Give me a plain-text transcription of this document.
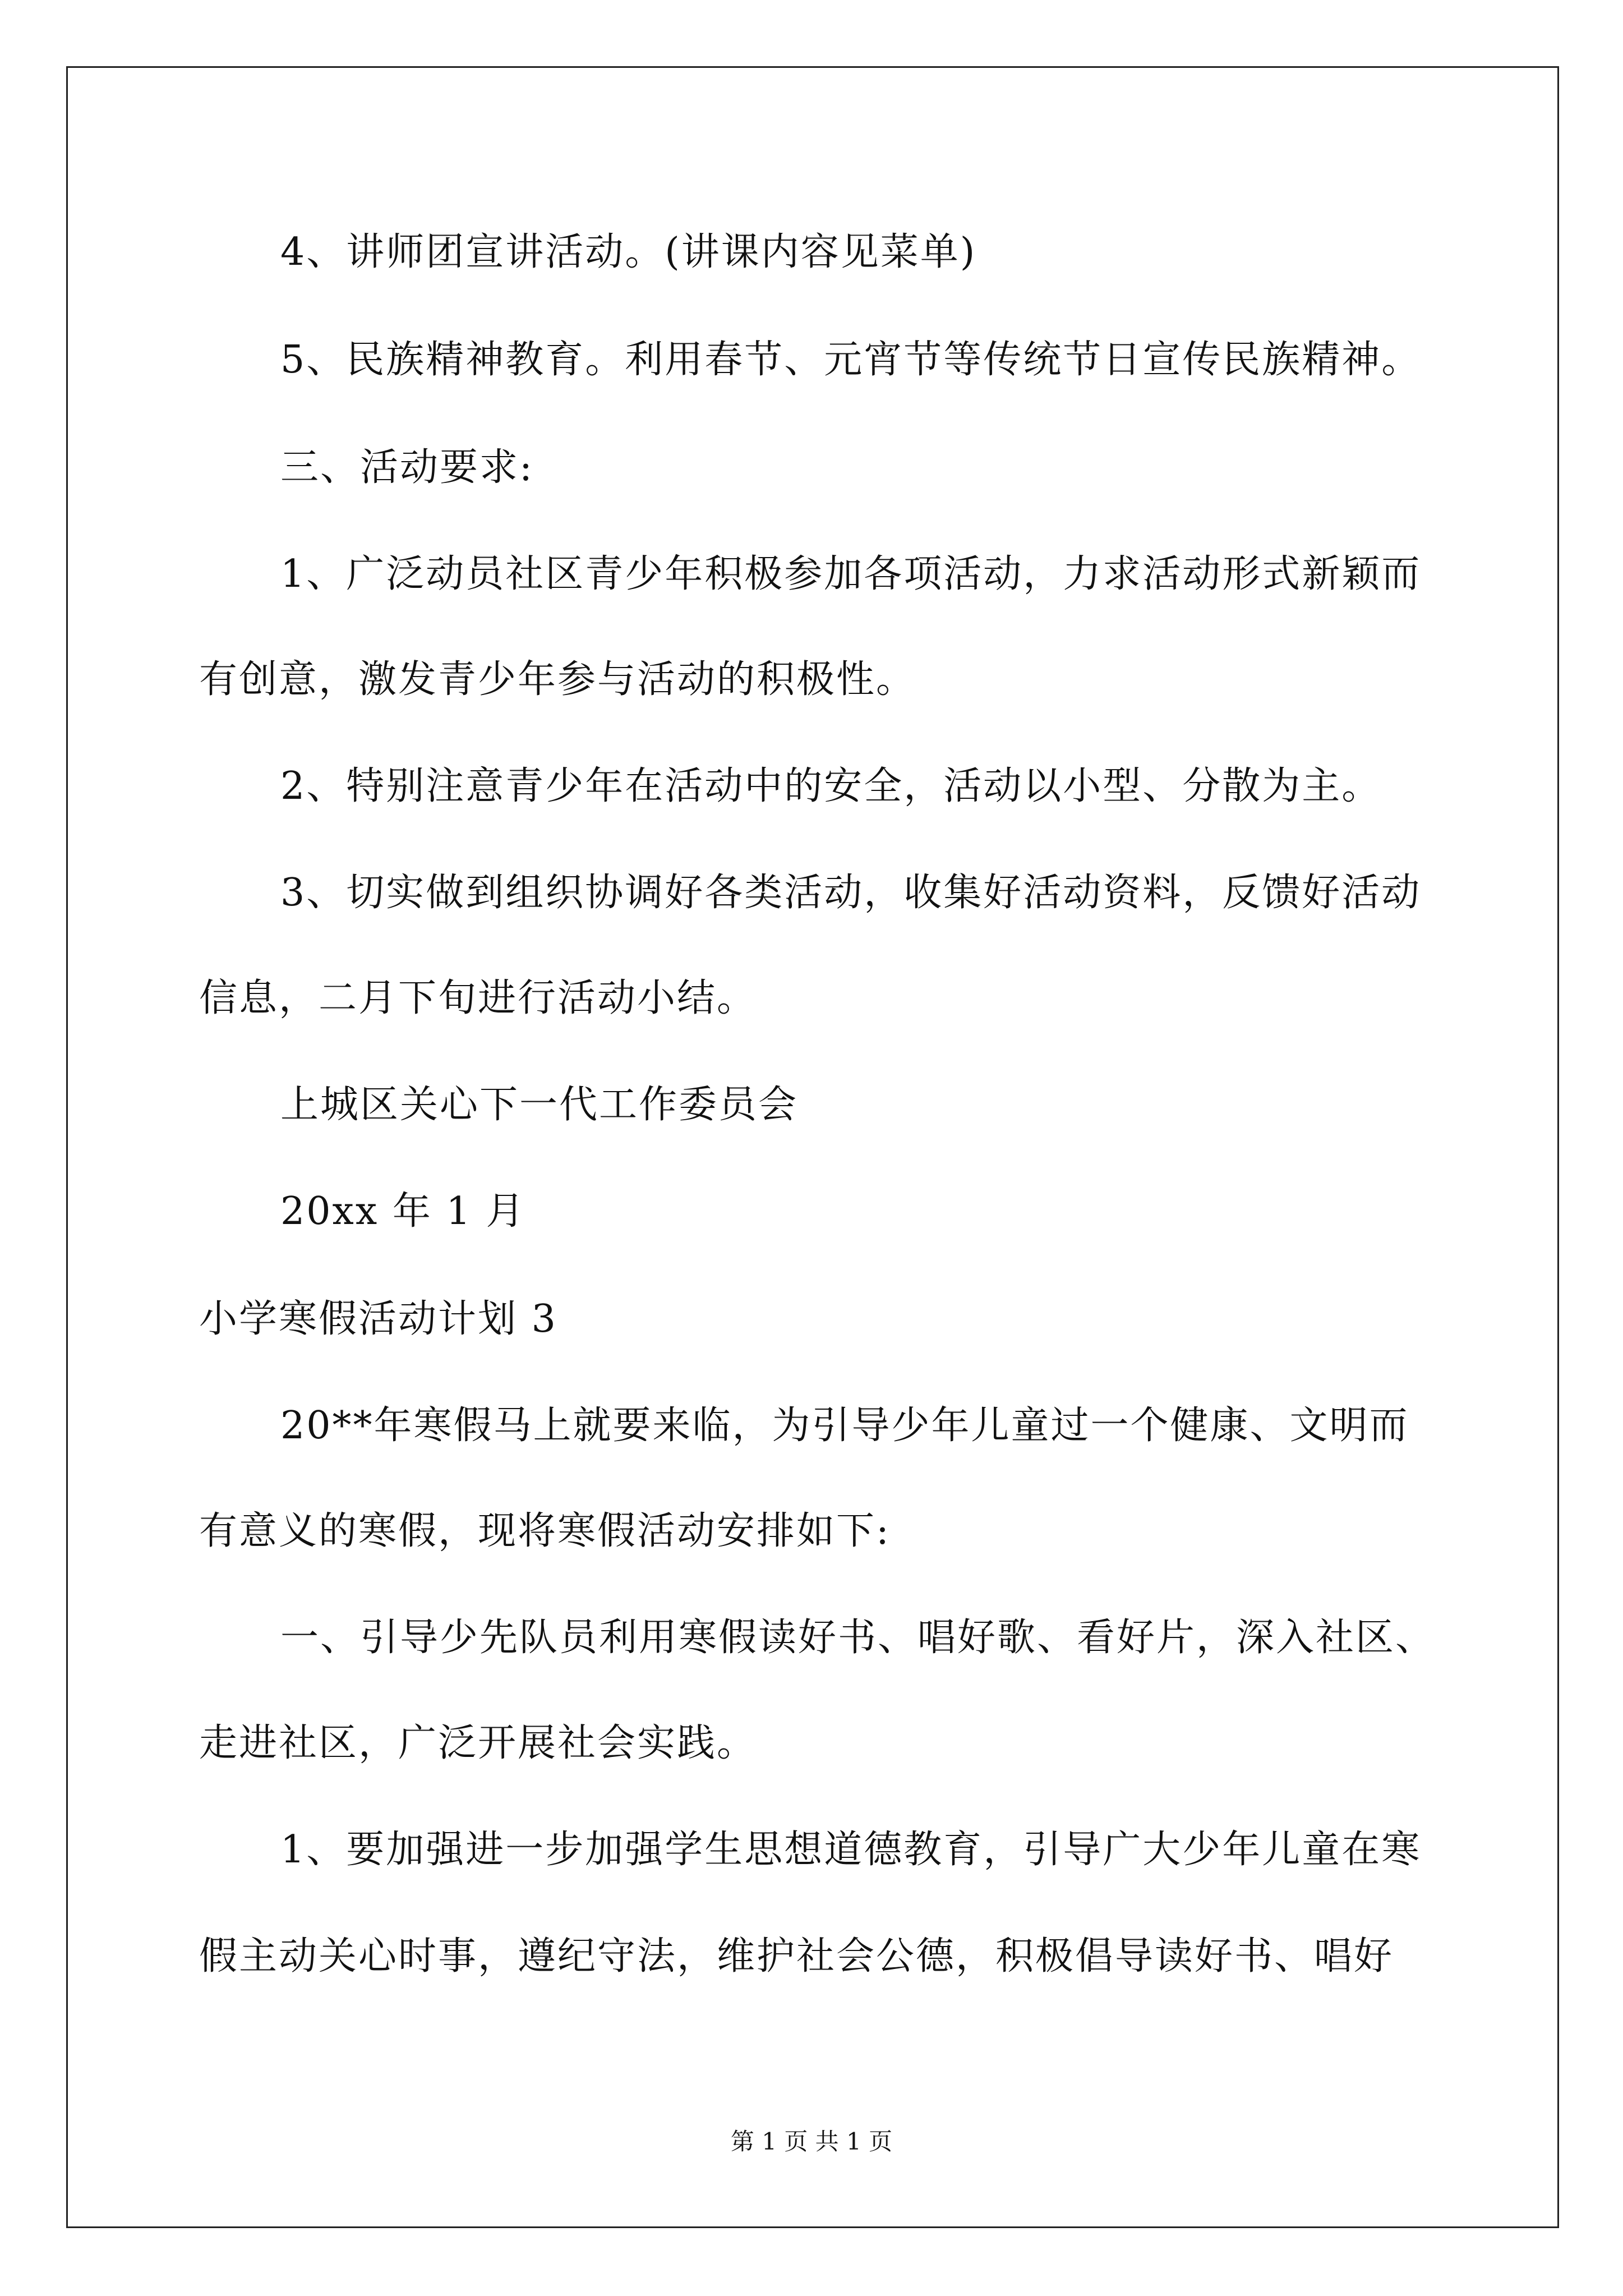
4、讲师团宣讲活动。(讲课内容见菜单)
5、民族精神教育。利用春节、元宵节等传统节日宣传民族精神。
三、活动要求:
1、广泛动员社区青少年积极参加各项活动，力求活动形式新颖而
有创意，激发青少年参与活动的积极性。
2、特别注意青少年在活动中的安全，活动以小型、分散为主。
3、切实做到组织协调好各类活动，收集好活动资料，反馈好活动
信息，二月下旬进行活动小结。
上城区关心下一代工作委员会
20xx 年 1 月
小学寒假活动计划 3
20**年寒假马上就要来临，为引导少年儿童过一个健康、文明而
有意义的寒假，现将寒假活动安排如下:
一、引导少先队员利用寒假读好书、唱好歌、看好片，深入社区、
走进社区，广泛开展社会实践。
1、要加强进一步加强学生思想道德教育，引导广大少年儿童在寒
假主动关心时事，遵纪守法，维护社会公德，积极倡导读好书、唱好
第 1 页 共 1 页
